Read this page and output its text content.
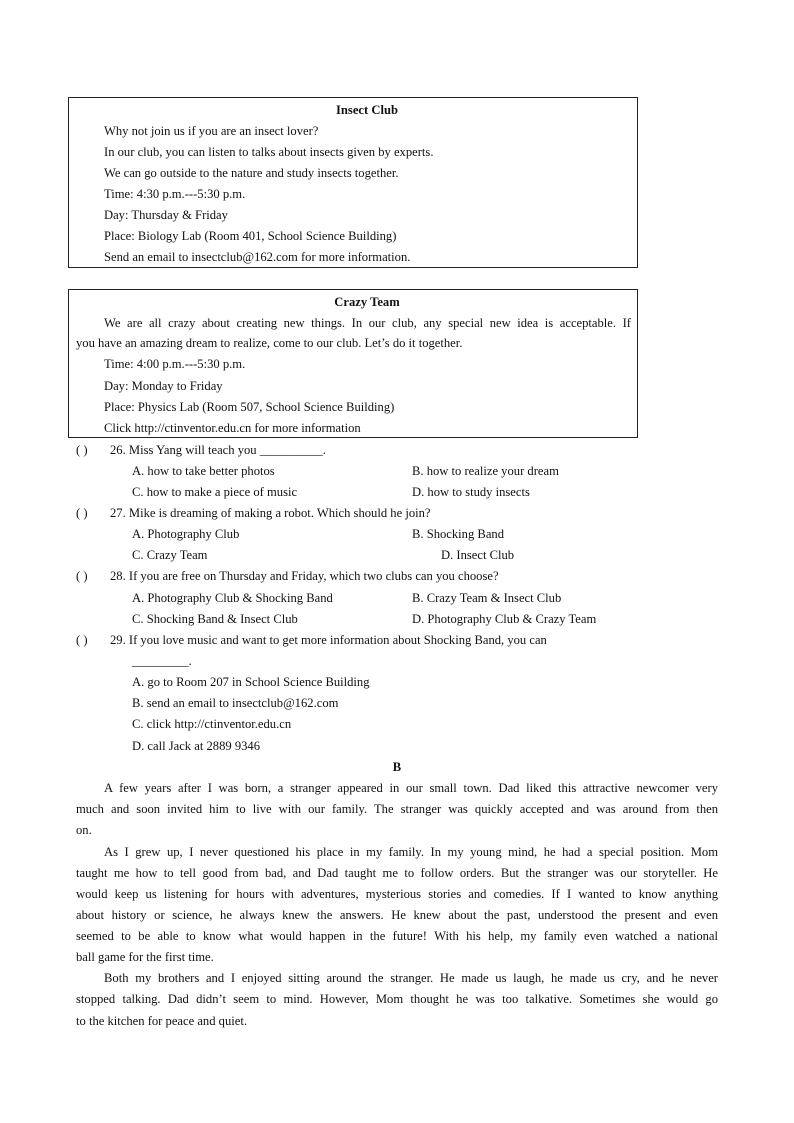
Insect Club
Why not join us if you are an insect lover?
In our club, you can listen to talks about insects given by experts.
We can go outside to the nature and study insects together.
Time: 4:30 p.m.---5:30 p.m.
Day: Thursday & Friday
Place: Biology Lab (Room 401, School Science Building)
Send an email to insectclub@162.com for more information.
Crazy Team
We are all crazy about creating new things. In our club, any special new idea is acceptable. If
you have an amazing dream to realize, come to our club. Let’s do it together.
Time: 4:00 p.m.---5:30 p.m.
Day: Monday to Friday
Place: Physics Lab (Room 507, School Science Building)
Click http://ctinventor.edu.cn for more information
( ) 26. Miss Yang will teach you __________.
A. how to take better photos	B. how to realize your dream
C. how to make a piece of music	D. how to study insects
( ) 27. Mike is dreaming of making a robot. Which should he join?
A. Photography Club	B. Shocking Band
C. Crazy Team	D. Insect Club
( ) 28. If you are free on Thursday and Friday, which two clubs can you choose?
A. Photography Club & Shocking Band	B. Crazy Team & Insect Club
C. Shocking Band & Insect Club	D. Photography Club & Crazy Team
( ) 29. If you love music and want to get more information about Shocking Band, you can
_________.
A. go to Room 207 in School Science Building
B. send an email to insectclub@162.com
C. click http://ctinventor.edu.cn
D. call Jack at 2889 9346
B
A few years after I was born, a stranger appeared in our small town. Dad liked this attractive newcomer very
much and soon invited him to live with our family. The stranger was quickly accepted and was around from then
on.
As I grew up, I never questioned his place in my family. In my young mind, he had a special position. Mom
taught me how to tell good from bad, and Dad taught me to follow orders. But the stranger was our storyteller. He
would keep us listening for hours with adventures, mysterious stories and comedies. If I wanted to know anything
about history or science, he always knew the answers. He knew about the past, understood the present and even
seemed to be able to know what would happen in the future! With his help, my family even watched a national
ball game for the first time.
Both my brothers and I enjoyed sitting around the stranger. He made us laugh, he made us cry, and he never
stopped talking. Dad didn’t seem to mind. However, Mom thought he was too talkative. Sometimes she would go
to the kitchen for peace and quiet.
